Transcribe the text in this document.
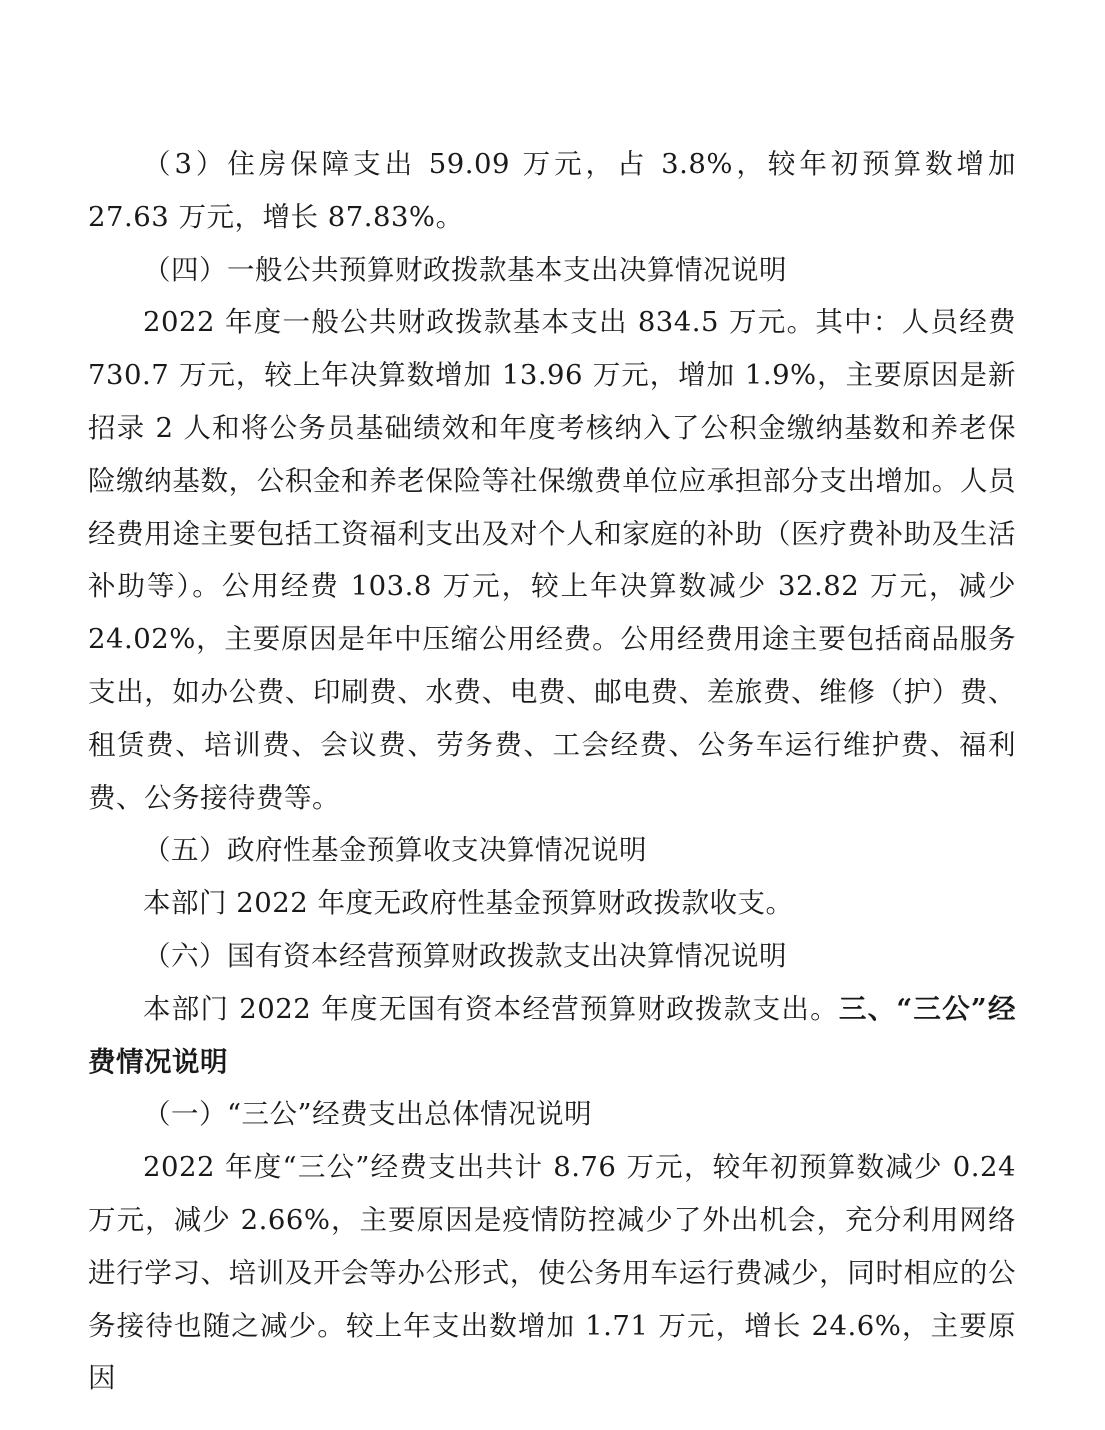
（3）住房保障支出 59.09 万元，占 3.8%，较年初预算数增加 27.63 万元，增长 87.83%。

（四）一般公共预算财政拨款基本支出决算情况说明

2022 年度一般公共财政拨款基本支出 834.5 万元。其中：人员经费 730.7 万元，较上年决算数增加 13.96 万元，增加 1.9%，主要原因是新招录 2 人和将公务员基础绩效和年度考核纳入了公积金缴纳基数和养老保险缴纳基数，公积金和养老保险等社保缴费单位应承担部分支出增加。人员经费用途主要包括工资福利支出及对个人和家庭的补助（医疗费补助及生活补助等）。公用经费 103.8 万元，较上年决算数减少 32.82 万元，减少 24.02%，主要原因是年中压缩公用经费。公用经费用途主要包括商品服务支出，如办公费、印刷费、水费、电费、邮电费、差旅费、维修（护）费、租赁费、培训费、会议费、劳务费、工会经费、公务车运行维护费、福利费、公务接待费等。

（五）政府性基金预算收支决算情况说明

本部门 2022 年度无政府性基金预算财政拨款收支。

（六）国有资本经营预算财政拨款支出决算情况说明

本部门 2022 年度无国有资本经营预算财政拨款支出。三、“三公”经费情况说明

（一）“三公”经费支出总体情况说明

2022 年度“三公”经费支出共计 8.76 万元，较年初预算数减少 0.24 万元，减少 2.66%，主要原因是疫情防控减少了外出机会，充分利用网络进行学习、培训及开会等办公形式，使公务用车运行费减少，同时相应的公务接待也随之减少。较上年支出数增加 1.71 万元，增长 24.6%，主要原因
